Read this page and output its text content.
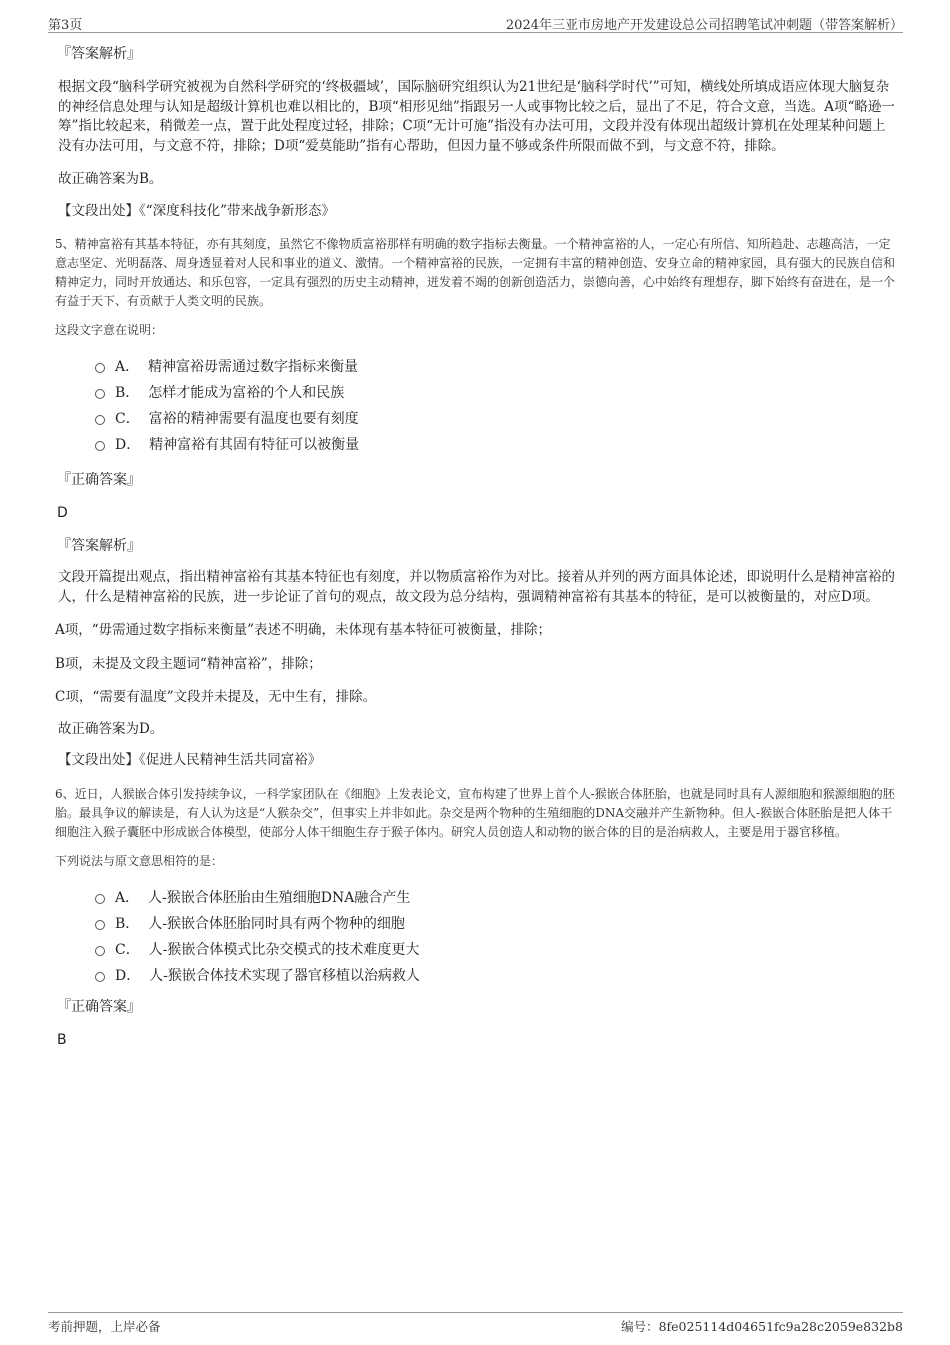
第3页	2024年三亚市房地产开发建设总公司招聘笔试冲刺题（带答案解析）

『答案解析』

根据文段“脑科学研究被视为自然科学研究的‘终极疆域’，国际脑研究组织认为21世纪是‘脑科学时代’”可知，横线处所填成语应体现大脑复杂的神经信息处理与认知是超级计算机也难以相比的，B项“相形见绌”指跟另一人或事物比较之后，显出了不足，符合文意，当选。A项“略逊一筹”指比较起来，稍微差一点，置于此处程度过轻，排除；C项“无计可施”指没有办法可用，文段并没有体现出超级计算机在处理某种问题上没有办法可用，与文意不符，排除；D项“爱莫能助”指有心帮助，但因力量不够或条件所限而做不到，与文意不符，排除。

故正确答案为B。

【文段出处】《“深度科技化”带来战争新形态》

5、精神富裕有其基本特征，亦有其刻度，虽然它不像物质富裕那样有明确的数字指标去衡量。一个精神富裕的人，一定心有所信、知所趋赴、志趣高洁，一定意志坚定、光明磊落、周身透显着对人民和事业的道义、激情。一个精神富裕的民族，一定拥有丰富的精神创造、安身立命的精神家园，具有强大的民族自信和精神定力，同时开放通达、和乐包容，一定具有强烈的历史主动精神，迸发着不竭的创新创造活力，崇德向善，心中始终有理想存，脚下始终有奋进在，是一个有益于天下、有贡献于人类文明的民族。

这段文字意在说明：

A． 精神富裕毋需通过数字指标来衡量
B． 怎样才能成为富裕的个人和民族
C． 富裕的精神需要有温度也要有刻度
D． 精神富裕有其固有特征可以被衡量

『正确答案』

D

『答案解析』

文段开篇提出观点，指出精神富裕有其基本特征也有刻度，并以物质富裕作为对比。接着从并列的两方面具体论述，即说明什么是精神富裕的人，什么是精神富裕的民族，进一步论证了首句的观点，故文段为总分结构，强调精神富裕有其基本的特征，是可以被衡量的，对应D项。

A项，“毋需通过数字指标来衡量”表述不明确，未体现有基本特征可被衡量，排除；

B项，未提及文段主题词“精神富裕”，排除；

C项，“需要有温度”文段并未提及，无中生有，排除。

故正确答案为D。

【文段出处】《促进人民精神生活共同富裕》

6、近日，人猴嵌合体引发持续争议，一科学家团队在《细胞》上发表论文，宣布构建了世界上首个人-猴嵌合体胚胎，也就是同时具有人源细胞和猴源细胞的胚胎。最具争议的解读是，有人认为这是“人猴杂交”，但事实上并非如此。杂交是两个物种的生殖细胞的DNA交融并产生新物种。但人-猴嵌合体胚胎是把人体干细胞注入猴子囊胚中形成嵌合体模型，使部分人体干细胞生存于猴子体内。研究人员创造人和动物的嵌合体的目的是治病救人，主要是用于器官移植。

下列说法与原文意思相符的是：

A． 人-猴嵌合体胚胎由生殖细胞DNA融合产生
B． 人-猴嵌合体胚胎同时具有两个物种的细胞
C． 人-猴嵌合体模式比杂交模式的技术难度更大
D． 人-猴嵌合体技术实现了器官移植以治病救人

『正确答案』

B

考前押题，上岸必备	编号：8fe025114d04651fc9a28c2059e832b8
